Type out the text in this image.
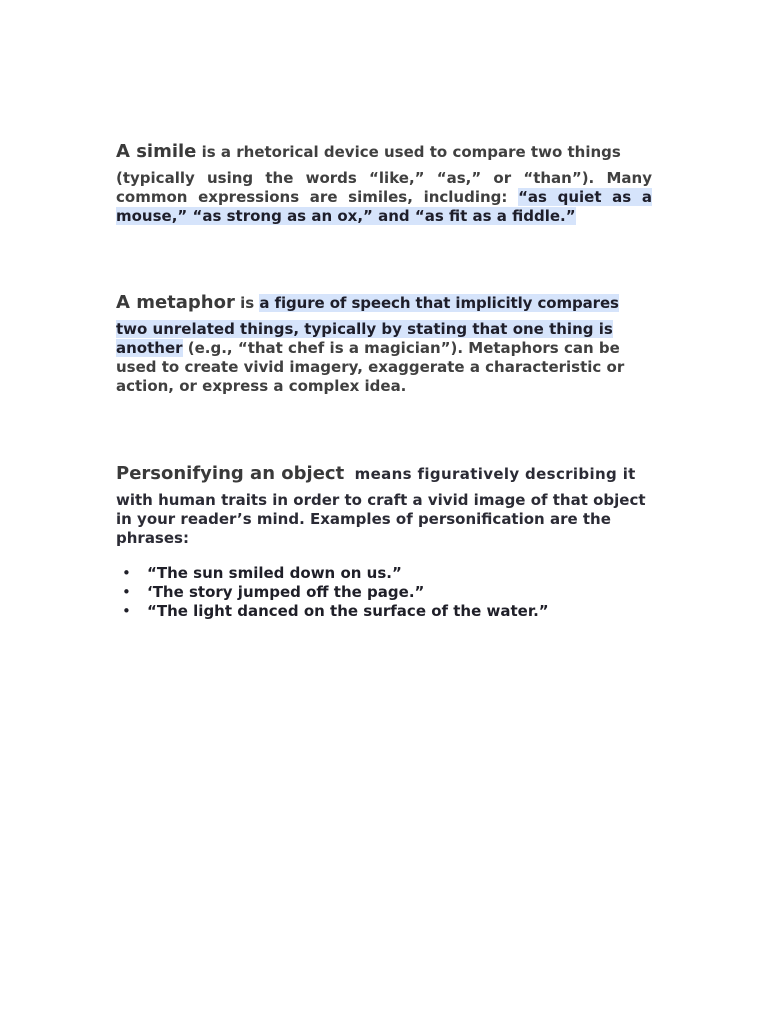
A simile is a rhetorical device used to compare two things
(typically using the words “like,” “as,” or “than”). Many common expressions are similes, including: “as quiet as a mouse,” “as strong as an ox,” and “as fit as a fiddle.”

A metaphor is a figure of speech that implicitly compares
two unrelated things, typically by stating that one thing is another (e.g., “that chef is a magician”). Metaphors can be used to create vivid imagery, exaggerate a characteristic or action, or express a complex idea.

Personifying an object means figuratively describing it
with human traits in order to craft a vivid image of that object in your reader’s mind. Examples of personification are the phrases:

• “The sun smiled down on us.”
• ‘The story jumped off the page.”
• “The light danced on the surface of the water.”
